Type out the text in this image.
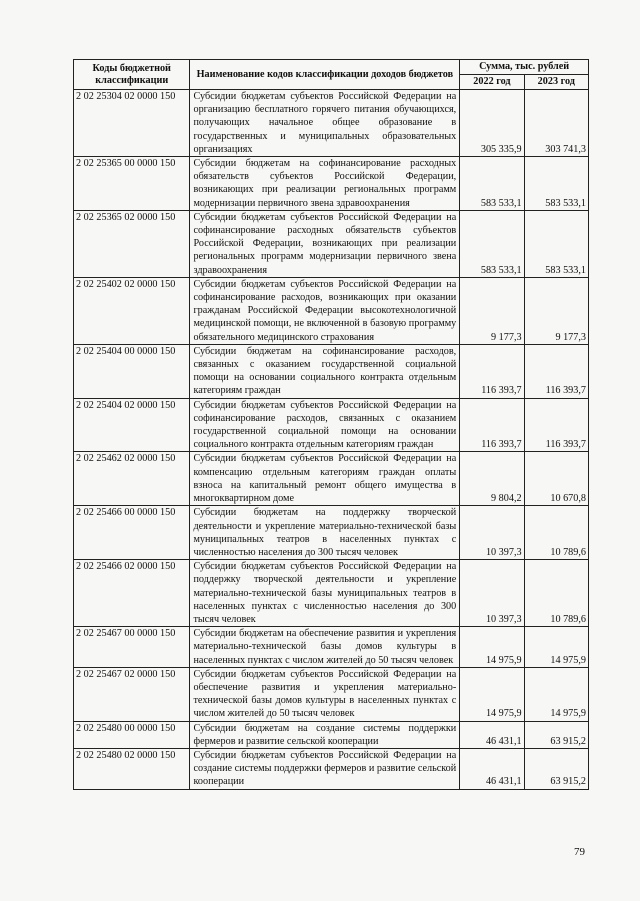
Коды бюджетной классификации	Наименование кодов классификации доходов бюджетов	Сумма, тыс. рублей	
		2022 год	2023 год
2 02 25304 02 0000 150	Субсидии бюджетам субъектов Российской Федерации на организацию бесплатного горячего питания обучающихся, получающих начальное общее образование в государственных и муниципальных образовательных организациях	305 335,9	303 741,3
2 02 25365 00 0000 150	Субсидии бюджетам на софинансирование расходных обязательств субъектов Российской Федерации, возникающих при реализации региональных программ модернизации первичного звена здравоохранения	583 533,1	583 533,1
2 02 25365 02 0000 150	Субсидии бюджетам субъектов Российской Федерации на софинансирование расходных обязательств субъектов Российской Федерации, возникающих при реализации региональных программ модернизации первичного звена здравоохранения	583 533,1	583 533,1
2 02 25402 02 0000 150	Субсидии бюджетам субъектов Российской Федерации на софинансирование расходов, возникающих при оказании гражданам Российской Федерации высокотехнологичной медицинской помощи, не включенной в базовую программу обязательного медицинского страхования	9 177,3	9 177,3
2 02 25404 00 0000 150	Субсидии бюджетам на софинансирование расходов, связанных с оказанием государственной социальной помощи на основании социального контракта отдельным категориям граждан	116 393,7	116 393,7
2 02 25404 02 0000 150	Субсидии бюджетам субъектов Российской Федерации на софинансирование расходов, связанных с оказанием государственной социальной помощи на основании социального контракта отдельным категориям граждан	116 393,7	116 393,7
2 02 25462 02 0000 150	Субсидии бюджетам субъектов Российской Федерации на компенсацию отдельным категориям граждан оплаты взноса на капитальный ремонт общего имущества в многоквартирном доме	9 804,2	10 670,8
2 02 25466 00 0000 150	Субсидии бюджетам на поддержку творческой деятельности и укрепление материально-технической базы муниципальных театров в населенных пунктах с численностью населения до 300 тысяч человек	10 397,3	10 789,6
2 02 25466 02 0000 150	Субсидии бюджетам субъектов Российской Федерации на поддержку творческой деятельности и укрепление материально-технической базы муниципальных театров в населенных пунктах с численностью населения до 300 тысяч человек	10 397,3	10 789,6
2 02 25467 00 0000 150	Субсидии бюджетам на обеспечение развития и укрепления материально-технической базы домов культуры в населенных пунктах с числом жителей до 50 тысяч человек	14 975,9	14 975,9
2 02 25467 02 0000 150	Субсидии бюджетам субъектов Российской Федерации на обеспечение развития и укрепления материально-технической базы домов культуры в населенных пунктах с числом жителей до 50 тысяч человек	14 975,9	14 975,9
2 02 25480 00 0000 150	Субсидии бюджетам на создание системы поддержки фермеров и развитие сельской кооперации	46 431,1	63 915,2
2 02 25480 02 0000 150	Субсидии бюджетам субъектов Российской Федерации на создание системы поддержки фермеров и развитие сельской кооперации	46 431,1	63 915,2
79
